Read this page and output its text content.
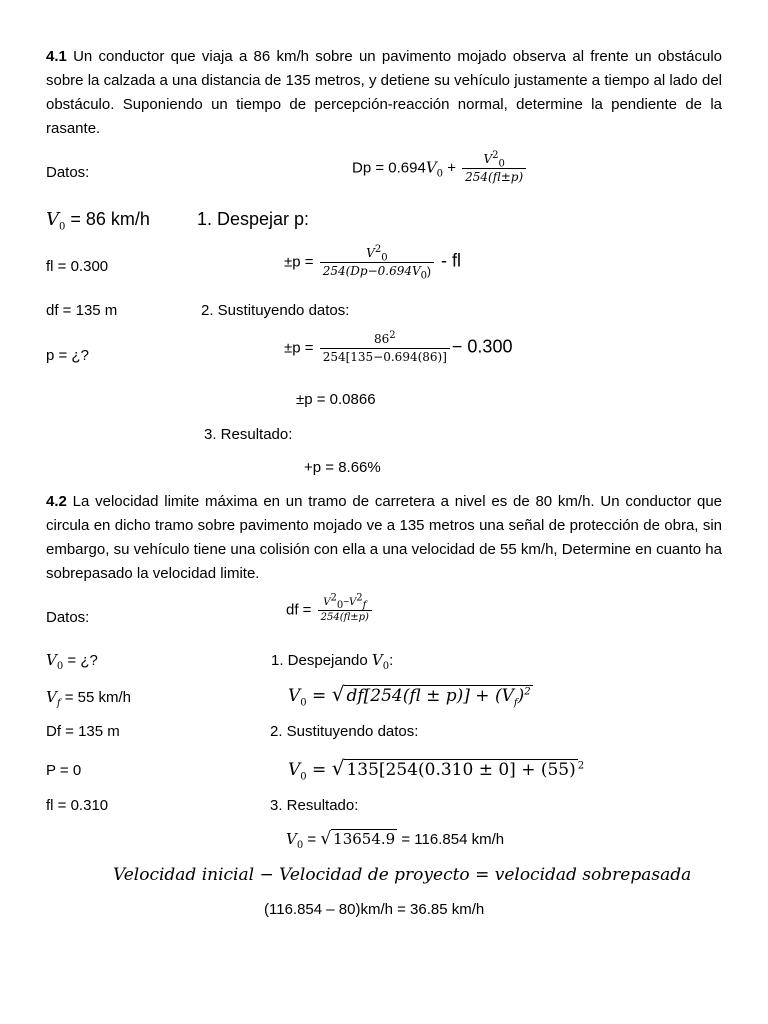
4.1 Un conductor que viaja a 86 km/h sobre un pavimento mojado observa al frente un obstáculo sobre la calzada a una distancia de 135 metros, y detiene su vehículo justamente a tiempo al lado del obstáculo. Suponiendo un tiempo de percepción-reacción normal, determine la pendiente de la rasante.
Datos:	$Dp = 0.694V_0 + \frac{V^2_0}{254(fl\pm p)}$
$V_0 = 86$ km/h	1. Despejar p:
fl = 0.300	$\pm p = \frac{V^2_0}{254(Dp-0.694V_0)}$ - fl
df = 135 m	2. Sustituyendo datos:
p = ¿?	$\pm p = \frac{86^2}{254[135-0.694(86)]} - 0.300$
±p = 0.0866
3. Resultado:
+p = 8.66%
4.2 La velocidad limite máxima en un tramo de carretera a nivel es de 80 km/h. Un conductor que circula en dicho tramo sobre pavimento mojado ve a 135 metros una señal de protección de obra, sin embargo, su vehículo tiene una colisión con ella a una velocidad de 55 km/h, Determine en cuanto ha sobrepasado la velocidad limite.
Datos:	df = $\frac{V^2_0-V^2_f}{254(fl\pm p)}$
$V_0$ = ¿?	1. Despejando $V_0$:
$V_f = 55$ km/h	$V_0$ = √ $df[254(fl \pm p)] + (V_f)^2$
Df = 135 m	2. Sustituyendo datos:
P = 0	$V_0$ = √ 135[254(0.310 ± 0] + (55) $^2$
fl = 0.310	3. Resultado:
$V_0$ = √ 13654.9 = 116.854 km/h
Velocidad inicial − Velocidad de proyecto = velocidad sobrepasada
(116.854 – 80)km/h = 36.85 km/h
